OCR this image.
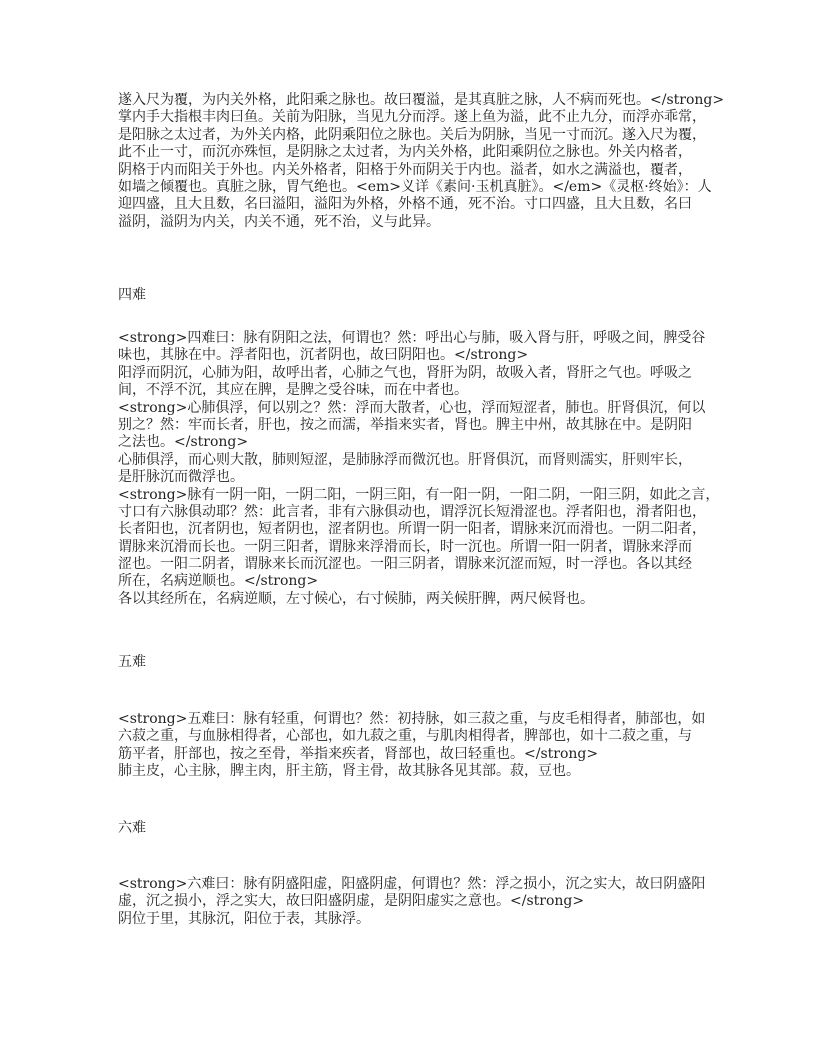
遂入尺为覆，为内关外格，此阳乘之脉也。故曰覆溢，是其真脏之脉，人不病而死也。</strong>
掌内手大指根丰肉曰鱼。关前为阳脉，当见九分而浮。遂上鱼为溢，此不止九分，而浮亦乖常，
是阳脉之太过者，为外关内格，此阴乘阳位之脉也。关后为阴脉，当见一寸而沉。遂入尺为覆，
此不止一寸，而沉亦殊恒，是阴脉之太过者，为内关外格，此阳乘阴位之脉也。外关内格者，
阴格于内而阳关于外也。内关外格者，阳格于外而阴关于内也。溢者，如水之满溢也，覆者，
如墙之倾覆也。真脏之脉，胃气绝也。<em>义详《素问·玉机真脏》。</em>《灵枢·终始》：人
迎四盛，且大且数，名曰溢阳，溢阳为外格，外格不通，死不治。寸口四盛，且大且数，名曰
溢阴，溢阴为内关，内关不通，死不治，义与此异。
四难
<strong>四难曰：脉有阴阳之法，何谓也？然：呼出心与肺，吸入肾与肝，呼吸之间，脾受谷
味也，其脉在中。浮者阳也，沉者阴也，故曰阴阳也。</strong>
阳浮而阴沉，心肺为阳，故呼出者，心肺之气也，肾肝为阴，故吸入者，肾肝之气也。呼吸之
间，不浮不沉，其应在脾，是脾之受谷味，而在中者也。
<strong>心肺俱浮，何以别之？然：浮而大散者，心也，浮而短涩者，肺也。肝肾俱沉，何以
别之？然：牢而长者，肝也，按之而濡，举指来实者，肾也。脾主中州，故其脉在中。是阴阳
之法也。</strong>
心肺俱浮，而心则大散，肺则短涩，是肺脉浮而微沉也。肝肾俱沉，而肾则濡实，肝则牢长，
是肝脉沉而微浮也。
<strong>脉有一阴一阳，一阴二阳，一阴三阳，有一阳一阴，一阳二阴，一阳三阴，如此之言，
寸口有六脉俱动耶？然：此言者，非有六脉俱动也，谓浮沉长短滑涩也。浮者阳也，滑者阳也，
长者阳也，沉者阴也，短者阴也，涩者阴也。所谓一阴一阳者，谓脉来沉而滑也。一阴二阳者，
谓脉来沉滑而长也。一阴三阳者，谓脉来浮滑而长，时一沉也。所谓一阳一阴者，谓脉来浮而
涩也。一阳二阴者，谓脉来长而沉涩也。一阳三阴者，谓脉来沉涩而短，时一浮也。各以其经
所在，名病逆顺也。</strong>
各以其经所在，名病逆顺，左寸候心，右寸候肺，两关候肝脾，两尺候肾也。
五难
<strong>五难曰：脉有轻重，何谓也？然：初持脉，如三菽之重，与皮毛相得者，肺部也，如
六菽之重，与血脉相得者，心部也，如九菽之重，与肌肉相得者，脾部也，如十二菽之重，与
筋平者，肝部也，按之至骨，举指来疾者，肾部也，故曰轻重也。</strong>
肺主皮，心主脉，脾主肉，肝主筋，肾主骨，故其脉各见其部。菽，豆也。
六难
<strong>六难曰：脉有阴盛阳虚，阳盛阴虚，何谓也？然：浮之损小，沉之实大，故曰阴盛阳
虚，沉之损小，浮之实大，故曰阳盛阴虚，是阴阳虚实之意也。</strong>
阴位于里，其脉沉，阳位于表，其脉浮。
